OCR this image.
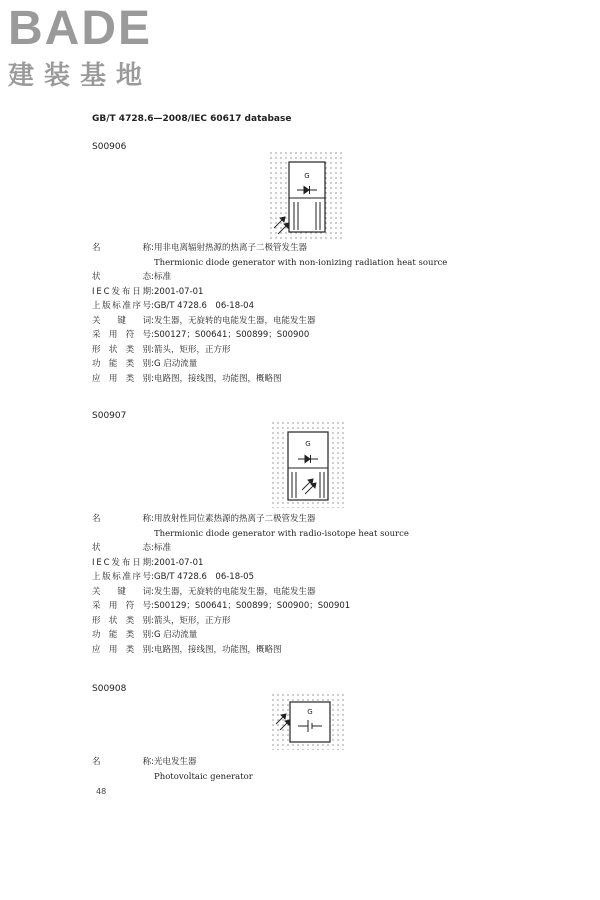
BADE
建装基地
GB/T 4728.6—2008/IEC 60617 database
S00906
G
名	称: 用非电离辐射热源的热离子二极管发生器
Thermionic diode generator with non-ionizing radiation heat source
状	态: 标准
I E C 发 布 日 期: 2001-07-01
上 版 标 准 序 号: GB/T 4728.6　06-18-04
关 键 词: 发生器，无旋转的电能发生器，电能发生器
采 用 符 号: S00127；S00641；S00899；S00900
形 状 类 别: 箭头，矩形，正方形
功 能 类 别: G 启动流量
应 用 类 别: 电路图，接线图，功能图，概略图
S00907
G
名	称: 用放射性同位素热源的热离子二极管发生器
Thermionic diode generator with radio-isotope heat source
状	态: 标准
I E C 发 布 日 期: 2001-07-01
上 版 标 准 序 号: GB/T 4728.6　06-18-05
关 键 词: 发生器，无旋转的电能发生器，电能发生器
采 用 符 号: S00129；S00641；S00899；S00900；S00901
形 状 类 别: 箭头，矩形，正方形
功 能 类 别: G 启动流量
应 用 类 别: 电路图，接线图，功能图，概略图
S00908
G
名	称: 光电发生器
Photovoltaic generator
48
